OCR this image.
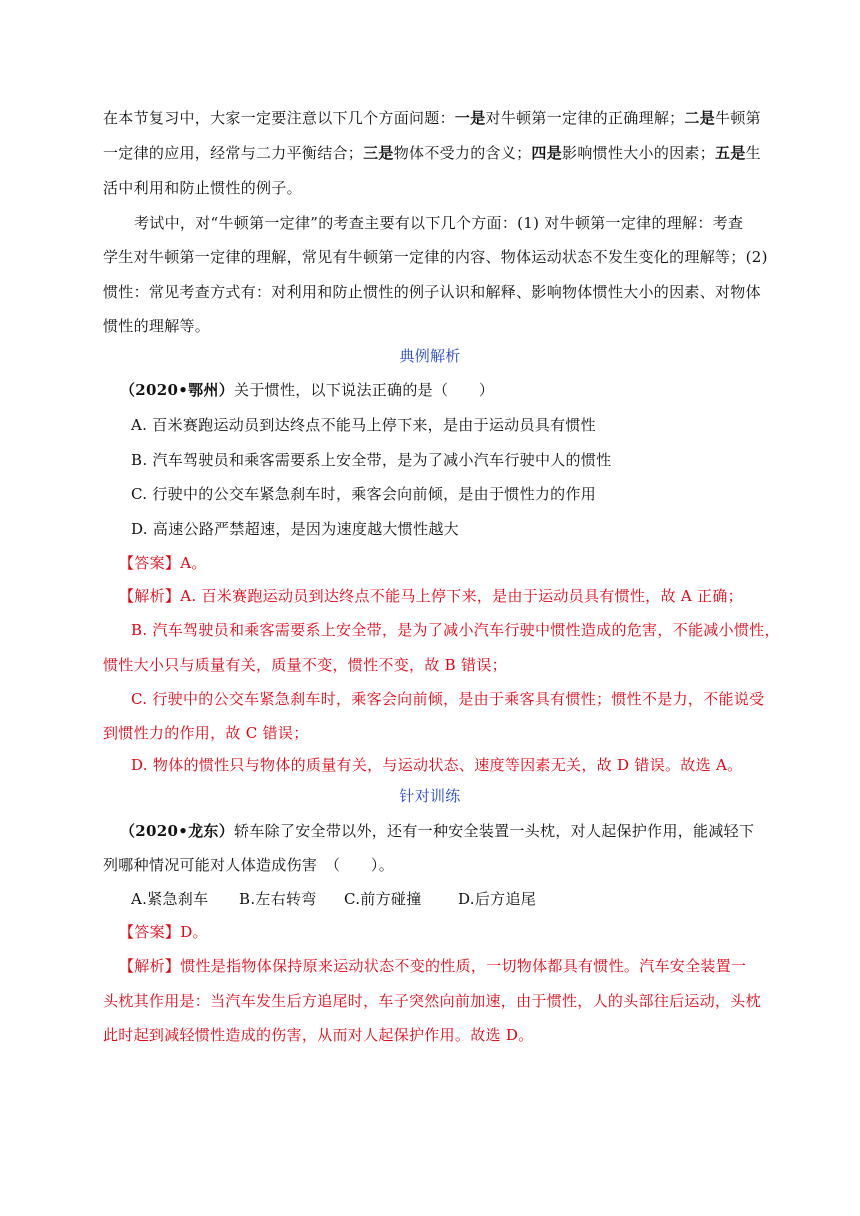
在本节复习中，大家一定要注意以下几个方面问题：一是对牛顿第一定律的正确理解；二是牛顿第
一定律的应用，经常与二力平衡结合；三是物体不受力的含义；四是影响惯性大小的因素；五是生
活中利用和防止惯性的例子。
考试中，对“牛顿第一定律”的考查主要有以下几个方面：(1) 对牛顿第一定律的理解：考查
学生对牛顿第一定律的理解，常见有牛顿第一定律的内容、物体运动状态不发生变化的理解等；(2)
惯性：常见考查方式有：对利用和防止惯性的例子认识和解释、影响物体惯性大小的因素、对物体
惯性的理解等。
典例解析
（2020•鄂州）关于惯性，以下说法正确的是（　　）
A. 百米赛跑运动员到达终点不能马上停下来，是由于运动员具有惯性
B. 汽车驾驶员和乘客需要系上安全带，是为了减小汽车行驶中人的惯性
C. 行驶中的公交车紧急刹车时，乘客会向前倾，是由于惯性力的作用
D. 高速公路严禁超速，是因为速度越大惯性越大
【答案】A。
【解析】A. 百米赛跑运动员到达终点不能马上停下来，是由于运动员具有惯性，故 A 正确；
B. 汽车驾驶员和乘客需要系上安全带，是为了减小汽车行驶中惯性造成的危害，不能减小惯性，
惯性大小只与质量有关，质量不变，惯性不变，故 B 错误；
C. 行驶中的公交车紧急刹车时，乘客会向前倾，是由于乘客具有惯性；惯性不是力，不能说受
到惯性力的作用，故 C 错误；
D. 物体的惯性只与物体的质量有关，与运动状态、速度等因素无关，故 D 错误。故选 A。
针对训练
（2020•龙东）轿车除了安全带以外，还有一种安全装置一头枕，对人起保护作用，能减轻下
列哪种情况可能对人体造成伤害　（　　）。
A.紧急刹车 B.左右转弯 C.前方碰撞 D.后方追尾
【答案】D。
【解析】惯性是指物体保持原来运动状态不变的性质，一切物体都具有惯性。汽车安全装置一
头枕其作用是：当汽车发生后方追尾时，车子突然向前加速，由于惯性，人的头部往后运动，头枕
此时起到减轻惯性造成的伤害，从而对人起保护作用。故选 D。
